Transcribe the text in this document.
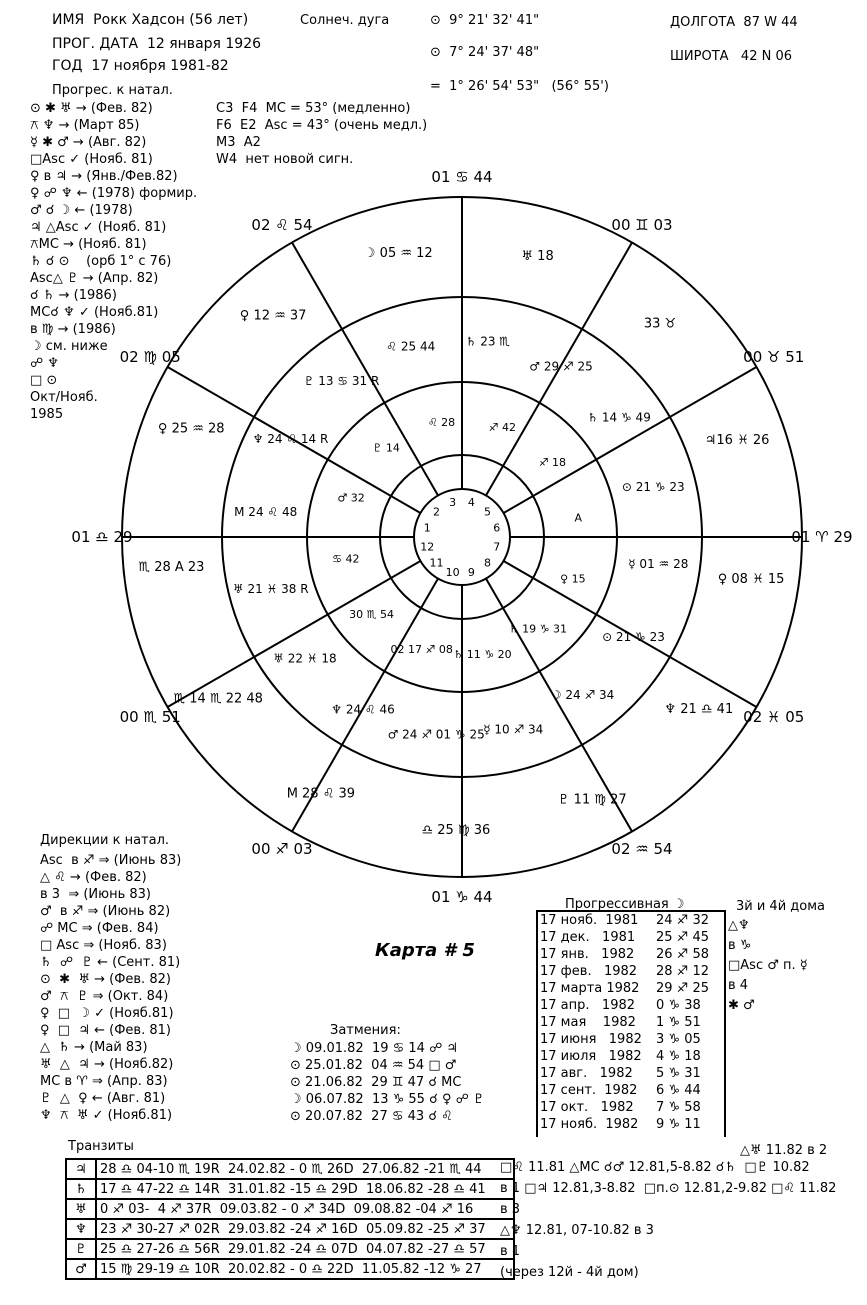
ИМЯ  Рокк Хадсон (56 лет)
ПРОГ. ДАТА  12 января 1926
ГОД  17 ноября 1981-82
Солнеч. дуга	⊙  9° 21' 32' 41"
⊙  7° 24' 37' 48"
=  1° 26' 54' 53"   (56° 55')
ДОЛГОТА  87 W 44
ШИРОТА   42 N 06
Прогрес. к натал.
⊙ ✱ ♅ → (Фев. 82)
⚻ ♆ → (Март 85)
☿ ✱ ♂ → (Авг. 82)
□Asc ✓ (Нояб. 81)
♀ в ♃ → (Янв./Фев.82)
♀ ☍ ♆ ← (1978) формир.
♂ ☌ ☽ ← (1978)
♃ △Asc ✓ (Нояб. 81)
⚻MC → (Нояб. 81)
♄ ☌ ⊙    (орб 1° с 76)
Asc△ ♇ → (Апр. 82)
☌ ♄ → (1986)
MC☌ ♆ ✓ (Нояб.81)
в ♍ → (1986)
☽ см. ниже
☍ ♆
□ ⊙
Окт/Нояб.
1985
C3  F4  MC = 53° (медленно)
F6  E2  Asc = 43° (очень медл.)
M3  A2
W4  нет новой сигн.
1
2
3 4
5
6
7
8
9
10
11
12
01 ♋ 44
00 ♊ 03
00 ♉ 51
01 ♈ 29
02 ♓ 05
02 ♒ 54
01 ♑ 44
00 ♐ 03
00 ♏ 51
01 ♎ 29
02 ♍ 05
02 ♌ 54
♅ 18
33 ♉
♃16 ♓ 26
♀ 08 ♓ 15
♆ 21 ♎ 41
♇ 11 ♍ 27
♎ 25 ♍ 36
M 28 ♌ 39
♏ 14 ♏ 22 48
♏ 28 A 23
♀ 25 ♒ 28
♀ 12 ♒ 37
☽ 05 ♒ 12
♌ 25 44
♇ 13 ♋ 31 R
♆ 24 ♌ 14 R
M 24 ♌ 48
♅ 21 ♓ 38 R
♅ 22 ♓ 18
♆ 24 ♌ 46
♂ 24 ♐ 01 ♑ 25
☿ 10 ♐ 34
☽ 24 ♐ 34
⊙ 21 ♑ 23
☿ 01 ♒ 28
⊙ 21 ♑ 23
♄ 14 ♑ 49
♂ 29 ♐ 25
♄ 23 ♏
♌ 28
♇ 14
♂ 32
♋ 42
30 ♏ 54
02 17 ♐ 08 ♄ 11 ♑ 20
♄ 19 ♑ 31
♀ 15
A
♐ 18
♐ 42
Карта # 5
Дирекции к натал.
Asc  в ♐ ⇒ (Июнь 83)
△ ♌ → (Фев. 82)
в 3  ⇒ (Июнь 83)
♂  в ♐ ⇒ (Июнь 82)
☍ MC ⇒ (Фев. 84)
□ Asc ⇒ (Нояб. 83)
♄  ☍  ♇ ← (Сент. 81)
⊙  ✱  ♅ → (Фев. 82)
♂  ⚻  ♇ ⇒ (Окт. 84)
♀  □  ☽ ✓ (Нояб.81)
♀  □  ♃ ← (Фев. 81)
△  ♄ → (Май 83)
♅  △  ♃ → (Нояб.82)
MC в ♈ ⇒ (Апр. 83)
♇  △  ♀ ← (Авг. 81)
♆  ⚻  ♅ ✓ (Нояб.81)
Затмения:
☽ 09.01.82  19 ♋ 14 ☍ ♃
⊙ 25.01.82  04 ♒ 54 □ ♂
⊙ 21.06.82  29 ♊ 47 ☌ MC
☽ 06.07.82  13 ♑ 55 ☌ ♀ ☍ ♇
⊙ 20.07.82  27 ♋ 43 ☌ ♌
Прогрессивная ☽	3й и 4й дома
17 нояб.  1981	24 ♐ 32
17 дек.   1981	25 ♐ 45
17 янв.   1982	26 ♐ 58
17 фев.   1982	28 ♐ 12
17 марта 1982	29 ♐ 25
17 апр.   1982	0 ♑ 38
17 мая    1982	1 ♑ 51
17 июня   1982	3 ♑ 05
17 июля   1982	4 ♑ 18
17 авг.   1982	5 ♑ 31
17 сент.  1982	6 ♑ 44
17 окт.   1982	7 ♑ 58
17 нояб.  1982	9 ♑ 11
△♆
в ♑
□Asc ♂ п. ☿
в 4
✱ ♂
Транзиты	△♅ 11.82 в 2
♃	28 ♎ 04-10 ♏ 19R  24.02.82 - 0 ♏ 26D  27.06.82 -21 ♏ 44
♄	17 ♎ 47-22 ♎ 14R  31.01.82 -15 ♎ 29D  18.06.82 -28 ♎ 41
♅	0 ♐ 03-  4 ♐ 37R  09.03.82 - 0 ♐ 34D  09.08.82 -04 ♐ 16
♆	23 ♐ 30-27 ♐ 02R  29.03.82 -24 ♐ 16D  05.09.82 -25 ♐ 37
♇	25 ♎ 27-26 ♎ 56R  29.01.82 -24 ♎ 07D  04.07.82 -27 ♎ 57
♂	15 ♍ 29-19 ♎ 10R  20.02.82 - 0 ♎ 22D  11.05.82 -12 ♑ 27
□♌ 11.81 △MC ☌♂ 12.81,5-8.82 ☌♄  □♇ 10.82
в 1 □♃ 12.81,3-8.82  □п.⊙ 12.81,2-9.82 □♌ 11.82
в 3
△♆ 12.81, 07-10.82 в 3
в 1
(через 12й - 4й дом)
